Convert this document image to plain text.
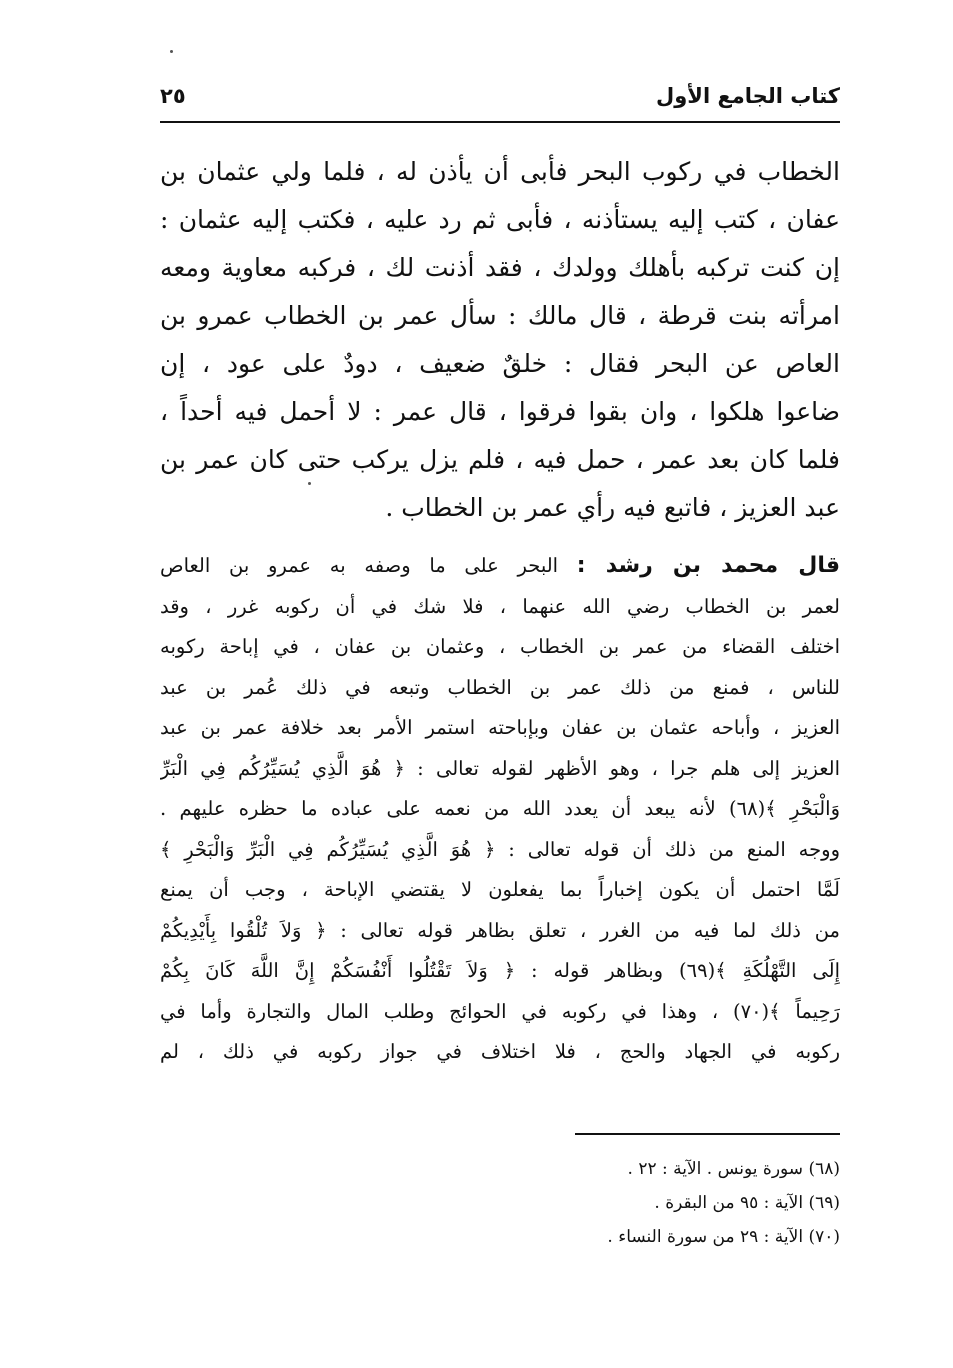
كتاب الجامع الأول
٢٥
الخطاب في ركوب البحر فأبى أن يأذن له ، فلما ولي عثمان بن
عفان ، كتب إليه يستأذنه ، فأبى ثم رد عليه ، فكتب إليه عثمان :
إن كنت تركبه بأهلك وولدك ، فقد أذنت لك ، فركبه معاوية ومعه
امرأته بنت قرطة ، قال مالك : سأل عمر بن الخطاب عمرو بن
العاص عن البحر فقال : خلقٌ ضعيف ، دودٌ على عود ، إن
ضاعوا هلكوا ، وان بقوا فرقوا ، قال عمر : لا أحمل فيه أحداً ،
فلما كان بعد عمر ، حمل فيه ، فلم يزل يركب حتى كان عمر بن
عبد العزيز ، فاتبع فيه رأي عمر بن الخطاب .
قال محمد بن رشد : البحر على ما وصفه به عمرو بن العاص
لعمر بن الخطاب رضي الله عنهما ، فلا شك في أن ركوبه غرر ، وقد
اختلف القضاء من عمر بن الخطاب ، وعثمان بن عفان ، في إباحة ركوبه
للناس ، فمنع من ذلك عمر بن الخطاب وتبعه في ذلك عُمر بن عبد
العزيز ، وأباحه عثمان بن عفان وبإباحته استمر الأمر بعد خلافة عمر بن عبد
العزيز إلى هلم جرا ، وهو الأظهر لقوله تعالى : ﴿ هُوَ الَّذِي يُسَيِّرُكُم فِي الْبَرِّ
وَالْبَحْرِ ﴾(٦٨) لأنه يبعد أن يعدد الله من نعمه على عباده ما حظره عليهم .
ووجه المنع من ذلك أن قوله تعالى : ﴿ هُوَ الَّذِي يُسَيِّرُكُم فِي الْبَرِّ وَالْبَحْرِ ﴾
لَمَّا احتمل أن يكون إخباراً بما يفعلون لا يقتضي الإباحة ، وجب أن يمنع
من ذلك لما فيه من الغرر ، تعلق بظاهر قوله تعالى : ﴿ وَلاَ تُلْقُوا بِأَيْدِيكُمْ
إِلَى التَّهْلُكَةِ ﴾(٦٩) وبظاهر قوله : ﴿ وَلاَ تَقْتُلُوا أَنْفُسَكُمْ إِنَّ اللَّهَ كَانَ بِكُمْ
رَحِيماً ﴾(٧٠) ، وهذا في ركوبه في الحوائج وطلب المال والتجارة وأما في
ركوبه في الجهاد والحج ، فلا اختلاف في جواز ركوبه في ذلك ، لم
(٦٨) سورة يونس . الآية : ٢٢ .
(٦٩) الآية : ٩٥ من البقرة .
(٧٠) الآية : ٢٩ من سورة النساء .
